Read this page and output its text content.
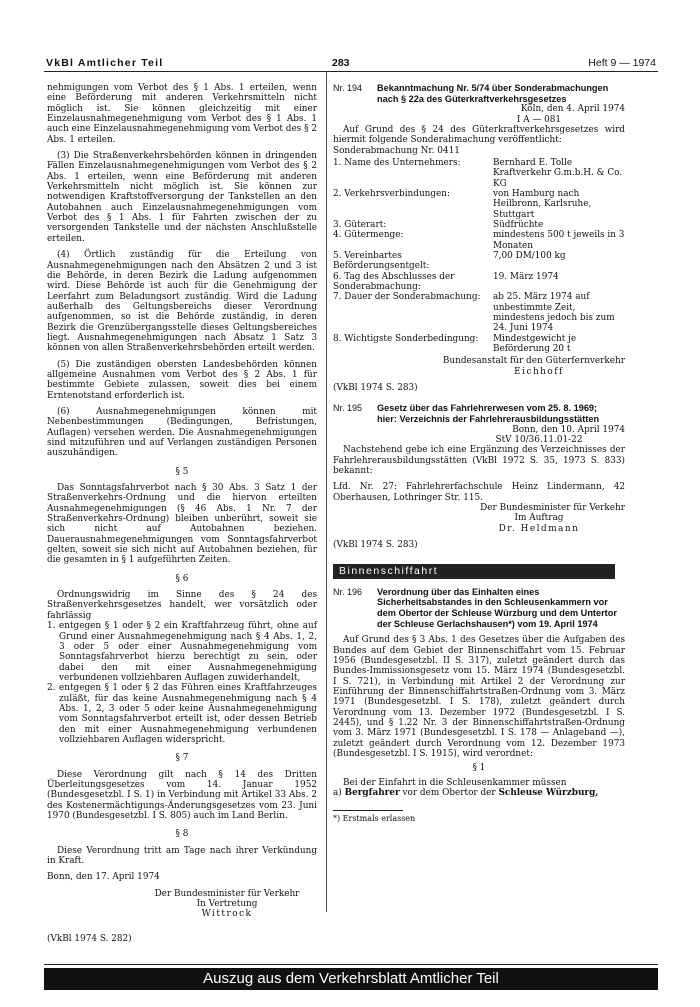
VkBl Amtlicher Teil	283	Heft 9 — 1974

nehmigungen vom Verbot des § 1 Abs. 1 erteilen, wenn eine Beförderung mit anderen Verkehrsmitteln nicht möglich ist. Sie können gleichzeitig mit einer Einzelausnahmegenehmigung vom Verbot des § 1 Abs. 1 auch eine Einzelausnahmegenehmigung vom Verbot des § 2 Abs. 1 erteilen.

(3) Die Straßenverkehrsbehörden können in dringenden Fällen Einzelausnahmegenehmigungen vom Verbot des § 2 Abs. 1 erteilen, wenn eine Beförderung mit anderen Verkehrsmitteln nicht möglich ist. Sie können zur notwendigen Kraftstoffversorgung der Tankstellen an den Autobahnen auch Einzelausnahmegenehmigungen vom Verbot des § 1 Abs. 1 für Fahrten zwischen der zu versorgenden Tankstelle und der nächsten Anschlußstelle erteilen.

(4) Örtlich zuständig für die Erteilung von Ausnahmegenehmigungen nach den Absätzen 2 und 3 ist die Behörde, in deren Bezirk die Ladung aufgenommen wird. Diese Behörde ist auch für die Genehmigung der Leerfahrt zum Beladungsort zuständig. Wird die Ladung außerhalb des Geltungsbereichs dieser Verordnung aufgenommen, so ist die Behörde zuständig, in deren Bezirk die Grenzübergangsstelle dieses Geltungsbereiches liegt. Ausnahmegenehmigungen nach Absatz 1 Satz 3 können von allen Straßenverkehrsbehörden erteilt werden.

(5) Die zuständigen obersten Landesbehörden können allgemeine Ausnahmen vom Verbot des § 2 Abs. 1 für bestimmte Gebiete zulassen, soweit dies bei einem Erntenotstand erforderlich ist.

(6) Ausnahmegenehmigungen können mit Nebenbestimmungen (Bedingungen, Befristungen, Auflagen) versehen werden. Die Ausnahmegenehmigungen sind mitzuführen und auf Verlangen zuständigen Personen auszuhändigen.

§ 5

Das Sonntagsfahrverbot nach § 30 Abs. 3 Satz 1 der Straßenverkehrs-Ordnung und die hiervon erteilten Ausnahmegenehmigungen (§ 46 Abs. 1 Nr. 7 der Straßenverkehrs-Ordnung) bleiben unberührt, soweit sie sich nicht auf Autobahnen beziehen. Dauerausnahmegenehmigungen vom Sonntagsfahrverbot gelten, soweit sie sich nicht auf Autobahnen beziehen, für die gesamten in § 1 aufgeführten Zeiten.

§ 6

Ordnungswidrig im Sinne des § 24 des Straßenverkehrsgesetzes handelt, wer vorsätzlich oder fahrlässig

1. entgegen § 1 oder § 2 ein Kraftfahrzeug führt, ohne auf Grund einer Ausnahmegenehmigung nach § 4 Abs. 1, 2, 3 oder 5 oder einer Ausnahmegenehmigung vom Sonntagsfahrverbot hierzu berechtigt zu sein, oder dabei den mit einer Ausnahmegenehmigung verbundenen vollziehbaren Auflagen zuwiderhandelt,
2. entgegen § 1 oder § 2 das Führen eines Kraftfahrzeuges zuläßt, für das keine Ausnahmegenehmigung nach § 4 Abs. 1, 2, 3 oder 5 oder keine Ausnahmegenehmigung vom Sonntagsfahrverbot erteilt ist, oder dessen Betrieb den mit einer Ausnahmegenehmigung verbundenen vollziehbaren Auflagen widerspricht.
§ 7

Diese Verordnung gilt nach § 14 des Dritten Überleitungsgesetzes vom 14. Januar 1952 (Bundesgesetzbl. I S. 1) in Verbindung mit Artikel 33 Abs. 2 des Kostenermächtigungs-Änderungsgesetzes vom 23. Juni 1970 (Bundesgesetzbl. I S. 805) auch im Land Berlin.

§ 8

Diese Verordnung tritt am Tage nach ihrer Verkündung in Kraft.

Bonn, den 17. April 1974

Der Bundesminister für Verkehr
In Vertretung
Wittrock

(VkBl 1974 S. 282)

Nr. 194	Bekanntmachung Nr. 5/74 über Sonderabmachungen nach § 22a des Güterkraftverkehrsgesetzes
Köln, den 4. April 1974
I A — 081

Auf Grund des § 24 des Güterkraftverkehrsgesetzes wird hiermit folgende Sonderabmachung veröffentlicht:

Sonderabmachung Nr. 0411

1. Name des Unternehmers:	Bernhard E. Tolle Kraftverkehr G.m.b.H. & Co. KG
2. Verkehrsverbindungen:	von Hamburg nach Heilbronn, Karlsruhe, Stuttgart
3. Güterart:	Südfrüchte
4. Gütermenge:	mindestens 500 t jeweils in 3 Monaten
5. Vereinbartes Beförderungsentgelt:	7,00 DM/100 kg
6. Tag des Abschlusses der Sonderabmachung:	19. März 1974
7. Dauer der Sonderabmachung:	ab 25. März 1974 auf unbestimmte Zeit, mindestens jedoch bis zum 24. Juni 1974
8. Wichtigste Sonderbedingung:	Mindestgewicht je Beförderung 20 t
Bundesanstalt für den Güterfernverkehr
Eichhoff

(VkBl 1974 S. 283)

Nr. 195	Gesetz über das Fahrlehrerwesen vom 25. 8. 1969;
hier: Verzeichnis der Fahrlehrerausbildungsstätten
Bonn, den 10. April 1974
StV 10/36.11.01-22

Nachstehend gebe ich eine Ergänzung des Verzeichnisses der Fahrlehrerausbildungsstätten (VkBl 1972 S. 35, 1973 S. 833) bekannt:

Lfd. Nr. 27: Fahrlehrerfachschule Heinz Lindermann, 42 Oberhausen, Lothringer Str. 115.

Der Bundesminister für Verkehr
Im Auftrag
Dr. Heldmann

(VkBl 1974 S. 283)

Binnenschiffahrt
Nr. 196	Verordnung über das Einhalten eines Sicherheitsabstandes in den Schleusenkammern vor dem Obertor der Schleuse Würzburg und dem Untertor der Schleuse Gerlachshausen*) vom 19. April 1974

Auf Grund des § 3 Abs. 1 des Gesetzes über die Aufgaben des Bundes auf dem Gebiet der Binnenschiffahrt vom 15. Februar 1956 (Bundesgesetzbl. II S. 317), zuletzt geändert durch das Bundes-Immissionsgesetz vom 15. März 1974 (Bundesgesetzbl. I S. 721), in Verbindung mit Artikel 2 der Verordnung zur Einführung der Binnenschiffahrtstraßen-Ordnung vom 3. März 1971 (Bundesgesetzbl. I S. 178), zuletzt geändert durch Verordnung vom 13. Dezember 1972 (Bundesgesetzbl. I S. 2445), und § 1.22 Nr. 3 der Binnenschiffahrtstraßen-Ordnung vom 3. März 1971 (Bundesgesetzbl. I S. 178 — Anlageband —), zuletzt geändert durch Verordnung vom 12. Dezember 1973 (Bundesgesetzbl. I S. 1915), wird verordnet:

§ 1

Bei der Einfahrt in die Schleusenkammer müssen

a) Bergfahrer vor dem Obertor der Schleuse Würzburg,

*) Erstmals erlassen
Auszug aus dem Verkehrsblatt Amtlicher Teil
